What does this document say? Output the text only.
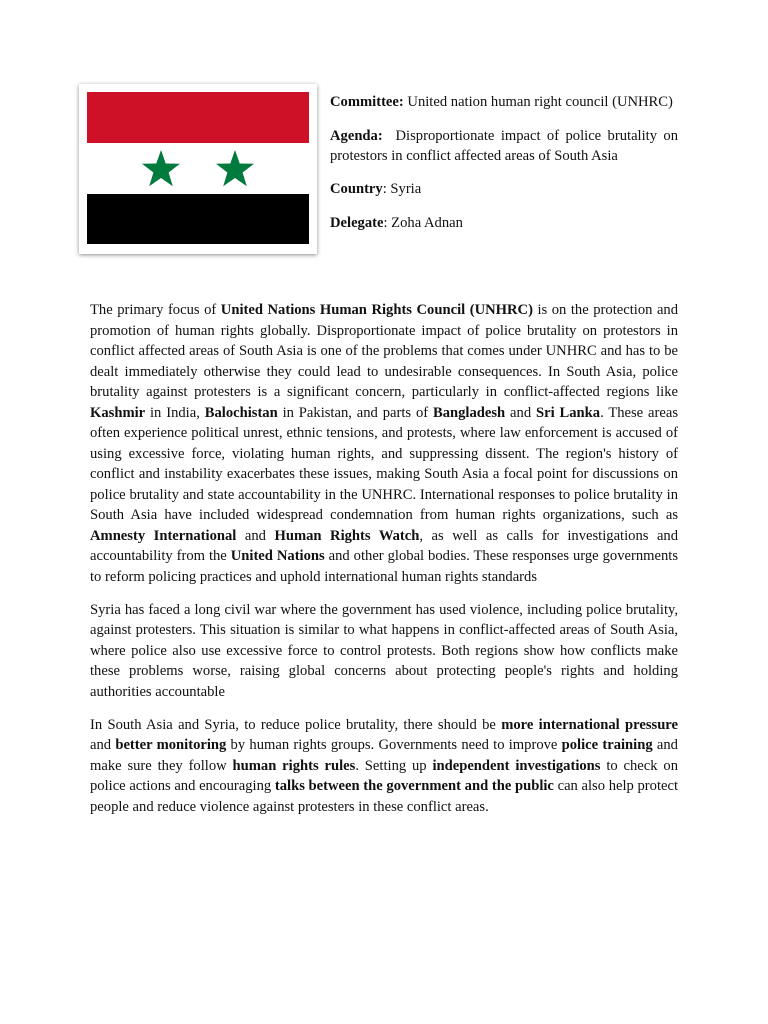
Committee: United nation human right council (UNHRC)

Agenda: Disproportionate impact of police brutality on protestors in conflict affected areas of South Asia

Country: Syria

Delegate: Zoha Adnan

The primary focus of United Nations Human Rights Council (UNHRC) is on the protection and promotion of human rights globally. Disproportionate impact of police brutality on protestors in conflict affected areas of South Asia is one of the problems that comes under UNHRC and has to be dealt immediately otherwise they could lead to undesirable consequences. In South Asia, police brutality against protesters is a significant concern, particularly in conflict-affected regions like Kashmir in India, Balochistan in Pakistan, and parts of Bangladesh and Sri Lanka. These areas often experience political unrest, ethnic tensions, and protests, where law enforcement is accused of using excessive force, violating human rights, and suppressing dissent. The region's history of conflict and instability exacerbates these issues, making South Asia a focal point for discussions on police brutality and state accountability in the UNHRC. International responses to police brutality in South Asia have included widespread condemnation from human rights organizations, such as Amnesty International and Human Rights Watch, as well as calls for investigations and accountability from the United Nations and other global bodies. These responses urge governments to reform policing practices and uphold international human rights standards

Syria has faced a long civil war where the government has used violence, including police brutality, against protesters. This situation is similar to what happens in conflict-affected areas of South Asia, where police also use excessive force to control protests. Both regions show how conflicts make these problems worse, raising global concerns about protecting people's rights and holding authorities accountable

In South Asia and Syria, to reduce police brutality, there should be more international pressure and better monitoring by human rights groups. Governments need to improve police training and make sure they follow human rights rules. Setting up independent investigations to check on police actions and encouraging talks between the government and the public can also help protect people and reduce violence against protesters in these conflict areas.
